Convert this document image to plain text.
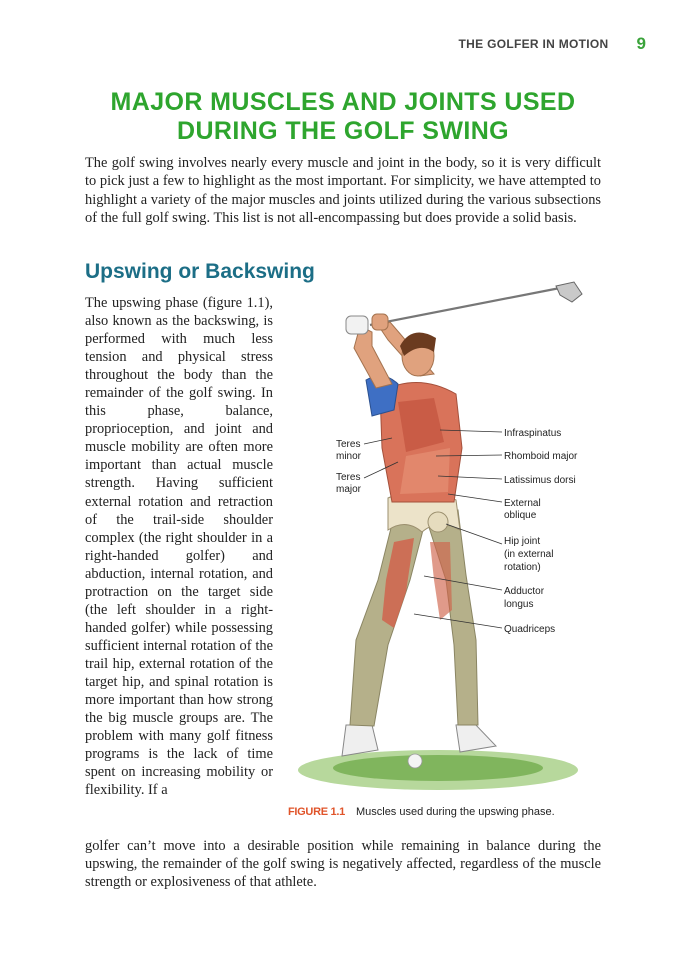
THE GOLFER IN MOTION 9
MAJOR MUSCLES AND JOINTS USED
DURING THE GOLF SWING

The golf swing involves nearly every muscle and joint in the body, so it is very difficult to pick just a few to highlight as the most important. For simplicity, we have attempted to highlight a variety of the major muscles and joints utilized during the various subsections of the full golf swing. This list is not all-encompassing but does provide a solid basis.

Upswing or Backswing

The upswing phase (figure 1.1), also known as the backswing, is performed with much less tension and physical stress throughout the body than the remainder of the golf swing. In this phase, balance, proprioception, and joint and muscle mobility are often more important than actual muscle strength. Having sufficient external rotation and retraction of the trail-side shoulder complex (the right shoulder in a right-handed golfer) and abduction, internal rotation, and protraction on the target side (the left shoulder in a right-handed golfer) while possessing sufficient internal rotation of the trail hip, external rotation of the target hip, and spinal rotation is more important than how strong the big muscle groups are. The problem with many golf fitness programs is the lack of time spent on increasing mobility or flexibility. If a

Teres
minor
Teres
major
Infraspinatus
Rhomboid major
Latissimus dorsi
External
oblique
Hip joint
(in external
rotation)
Adductor
longus
Quadriceps
FIGURE 1.1 Muscles used during the upswing phase.

golfer can’t move into a desirable position while remaining in balance during the upswing, the remainder of the golf swing is negatively affected, regardless of the muscle strength or explosiveness of that athlete.
